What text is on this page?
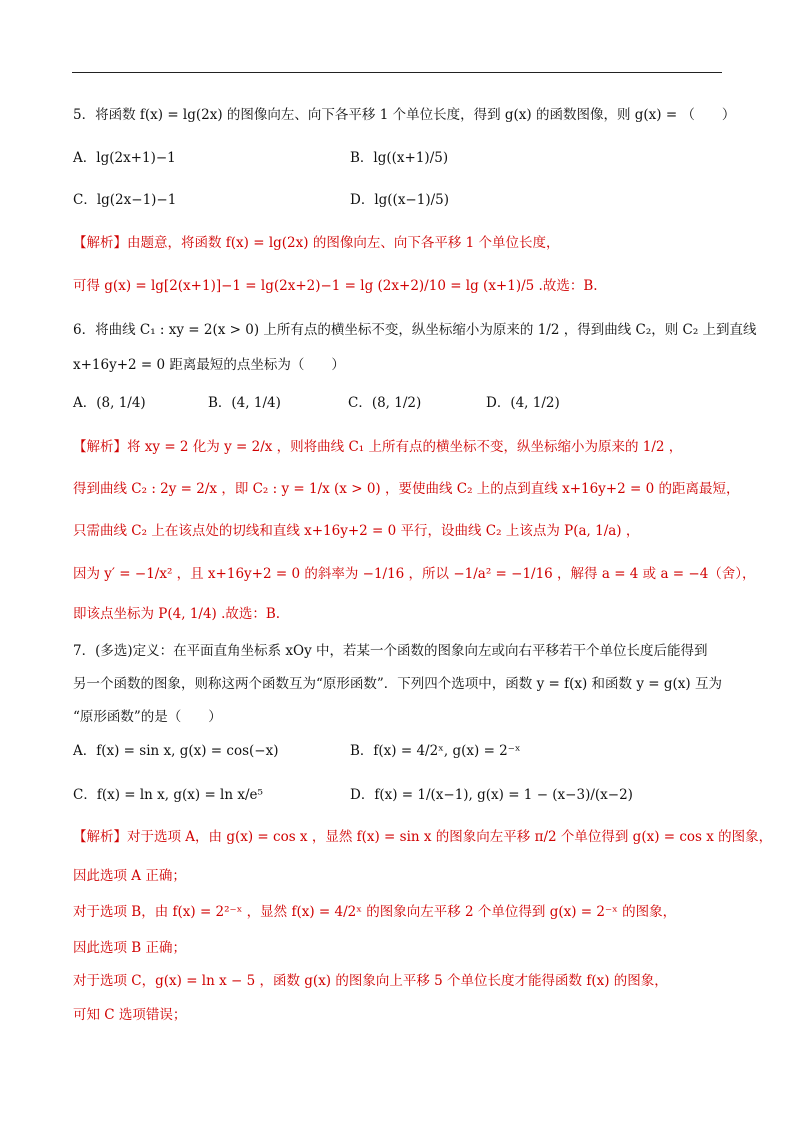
5．将函数 f(x) = lg(2x) 的图像向左、向下各平移 1 个单位长度，得到 g(x) 的函数图像，则 g(x) = （　　）
A．lg(2x+1)−1	B．lg((x+1)/5)
C．lg(2x−1)−1	D．lg((x−1)/5)
【解析】由题意，将函数 f(x) = lg(2x) 的图像向左、向下各平移 1 个单位长度，
可得 g(x) = lg[2(x+1)]−1 = lg(2x+2)−1 = lg (2x+2)/10 = lg (x+1)/5 .故选：B.
6．将曲线 C₁ : xy = 2(x > 0) 上所有点的横坐标不变，纵坐标缩小为原来的 1/2 ，得到曲线 C₂，则 C₂ 上到直线
x+16y+2 = 0 距离最短的点坐标为（　　）
A．(8, 1/4)	B．(4, 1/4)	C．(8, 1/2)	D．(4, 1/2)
【解析】将 xy = 2 化为 y = 2/x ，则将曲线 C₁ 上所有点的横坐标不变，纵坐标缩小为原来的 1/2 ，
得到曲线 C₂ : 2y = 2/x ，即 C₂ : y = 1/x (x > 0) ，要使曲线 C₂ 上的点到直线 x+16y+2 = 0 的距离最短，
只需曲线 C₂ 上在该点处的切线和直线 x+16y+2 = 0 平行，设曲线 C₂ 上该点为 P(a, 1/a) ，
因为 y′ = −1/x² ，且 x+16y+2 = 0 的斜率为 −1/16 ，所以 −1/a² = −1/16 ，解得 a = 4 或 a = −4（舍），
即该点坐标为 P(4, 1/4) .故选：B.
7．(多选)定义：在平面直角坐标系 xOy 中，若某一个函数的图象向左或向右平移若干个单位长度后能得到
另一个函数的图象，则称这两个函数互为“原形函数”．下列四个选项中，函数 y = f(x) 和函数 y = g(x) 互为
“原形函数”的是（　　）
A．f(x) = sin x, g(x) = cos(−x)	B．f(x) = 4/2ˣ, g(x) = 2⁻ˣ
C．f(x) = ln x, g(x) = ln x/e⁵	D．f(x) = 1/(x−1), g(x) = 1 − (x−3)/(x−2)
【解析】对于选项 A，由 g(x) = cos x ，显然 f(x) = sin x 的图象向左平移 π/2 个单位得到 g(x) = cos x 的图象，
因此选项 A 正确；
对于选项 B，由 f(x) = 2²⁻ˣ ，显然 f(x) = 4/2ˣ 的图象向左平移 2 个单位得到 g(x) = 2⁻ˣ 的图象，
因此选项 B 正确；
对于选项 C，g(x) = ln x − 5 ，函数 g(x) 的图象向上平移 5 个单位长度才能得函数 f(x) 的图象，
可知 C 选项错误；
